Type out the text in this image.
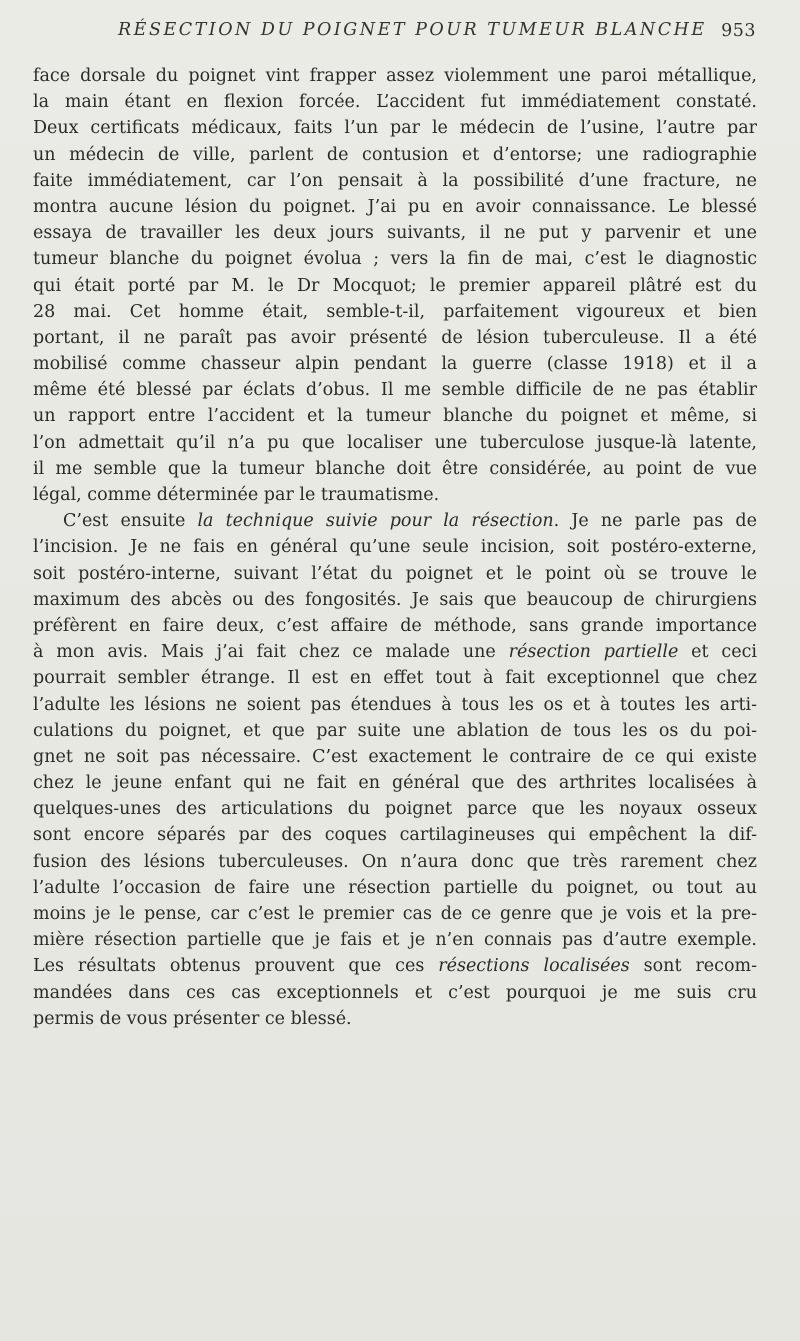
RÉSECTION DU POIGNET POUR TUMEUR BLANCHE 953
face dorsale du poignet vint frapper assez violemment une paroi métallique,
la main étant en flexion forcée. L’accident fut immédiatement constaté.
Deux certificats médicaux, faits l’un par le médecin de l’usine, l’autre par
un médecin de ville, parlent de contusion et d’entorse; une radiographie
faite immédiatement, car l’on pensait à la possibilité d’une fracture, ne
montra aucune lésion du poignet. J’ai pu en avoir connaissance. Le blessé
essaya de travailler les deux jours suivants, il ne put y parvenir et une
tumeur blanche du poignet évolua ; vers la fin de mai, c’est le diagnostic
qui était porté par M. le Dr Mocquot; le premier appareil plâtré est du
28 mai. Cet homme était, semble-t-il, parfaitement vigoureux et bien
portant, il ne paraît pas avoir présenté de lésion tuberculeuse. Il a été
mobilisé comme chasseur alpin pendant la guerre (classe 1918) et il a
même été blessé par éclats d’obus. Il me semble difficile de ne pas établir
un rapport entre l’accident et la tumeur blanche du poignet et même, si
l’on admettait qu’il n’a pu que localiser une tuberculose jusque-là latente,
il me semble que la tumeur blanche doit être considérée, au point de vue
légal, comme déterminée par le traumatisme.
C’est ensuite la technique suivie pour la résection. Je ne parle pas de
l’incision. Je ne fais en général qu’une seule incision, soit postéro-externe,
soit postéro-interne, suivant l’état du poignet et le point où se trouve le
maximum des abcès ou des fongosités. Je sais que beaucoup de chirurgiens
préfèrent en faire deux, c’est affaire de méthode, sans grande importance
à mon avis. Mais j’ai fait chez ce malade une résection partielle et ceci
pourrait sembler étrange. Il est en effet tout à fait exceptionnel que chez
l’adulte les lésions ne soient pas étendues à tous les os et à toutes les arti-
culations du poignet, et que par suite une ablation de tous les os du poi-
gnet ne soit pas nécessaire. C’est exactement le contraire de ce qui existe
chez le jeune enfant qui ne fait en général que des arthrites localisées à
quelques-unes des articulations du poignet parce que les noyaux osseux
sont encore séparés par des coques cartilagineuses qui empêchent la dif-
fusion des lésions tuberculeuses. On n’aura donc que très rarement chez
l’adulte l’occasion de faire une résection partielle du poignet, ou tout au
moins je le pense, car c’est le premier cas de ce genre que je vois et la pre-
mière résection partielle que je fais et je n’en connais pas d’autre exemple.
Les résultats obtenus prouvent que ces résections localisées sont recom-
mandées dans ces cas exceptionnels et c’est pourquoi je me suis cru
permis de vous présenter ce blessé.
